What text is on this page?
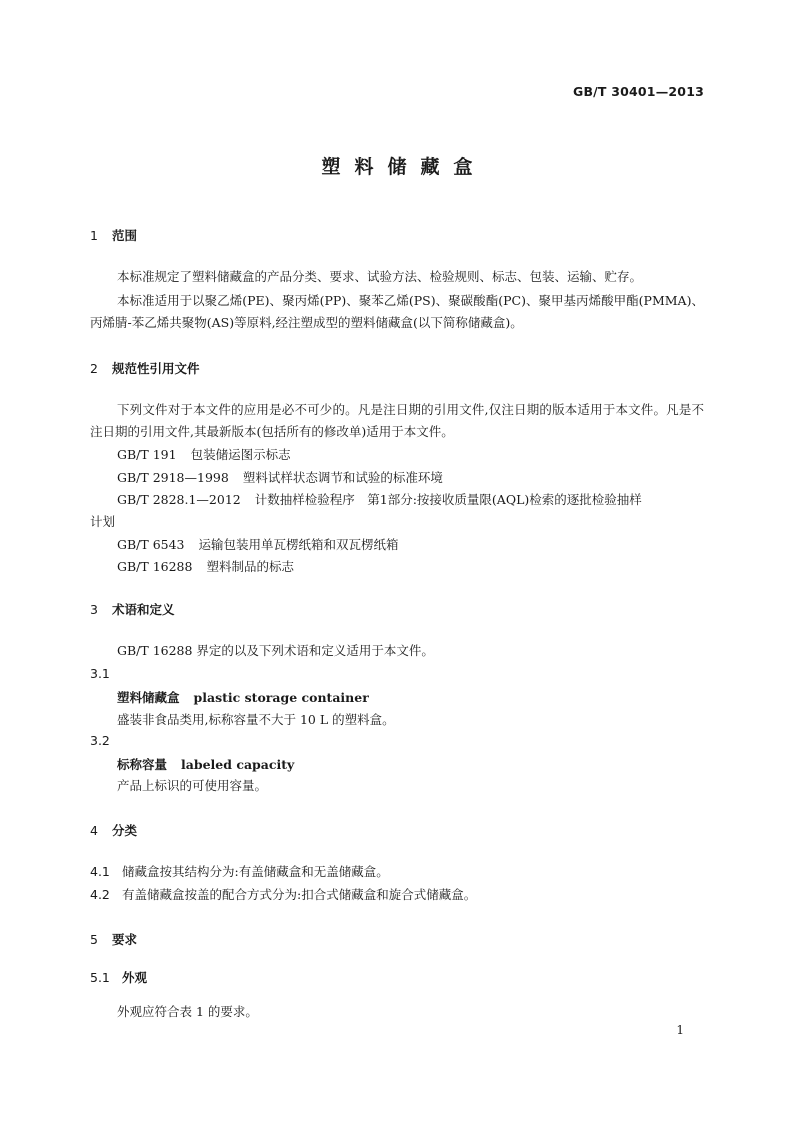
GB/T 30401—2013
塑料储藏盒
1 范围
本标准规定了塑料储藏盒的产品分类、要求、试验方法、检验规则、标志、包装、运输、贮存。
本标准适用于以聚乙烯(PE)、聚丙烯(PP)、聚苯乙烯(PS)、聚碳酸酯(PC)、聚甲基丙烯酸甲酯(PMMA)、丙烯腈-苯乙烯共聚物(AS)等原料,经注塑成型的塑料储藏盒(以下简称储藏盒)。
2 规范性引用文件
下列文件对于本文件的应用是必不可少的。凡是注日期的引用文件,仅注日期的版本适用于本文件。凡是不注日期的引用文件,其最新版本(包括所有的修改单)适用于本文件。
GB/T 191 包装储运图示标志
GB/T 2918—1998 塑料试样状态调节和试验的标准环境
GB/T 2828.1—2012 计数抽样检验程序　第1部分:按接收质量限(AQL)检索的逐批检验抽样
计划
GB/T 6543 运输包装用单瓦楞纸箱和双瓦楞纸箱
GB/T 16288 塑料制品的标志
3 术语和定义
GB/T 16288 界定的以及下列术语和定义适用于本文件。
3.1
塑料储藏盒 plastic storage container
盛装非食品类用,标称容量不大于 10 L 的塑料盒。
3.2
标称容量 labeled capacity
产品上标识的可使用容量。
4 分类
4.1 储藏盒按其结构分为:有盖储藏盒和无盖储藏盒。
4.2 有盖储藏盒按盖的配合方式分为:扣合式储藏盒和旋合式储藏盒。
5 要求
5.1 外观
外观应符合表 1 的要求。
1
